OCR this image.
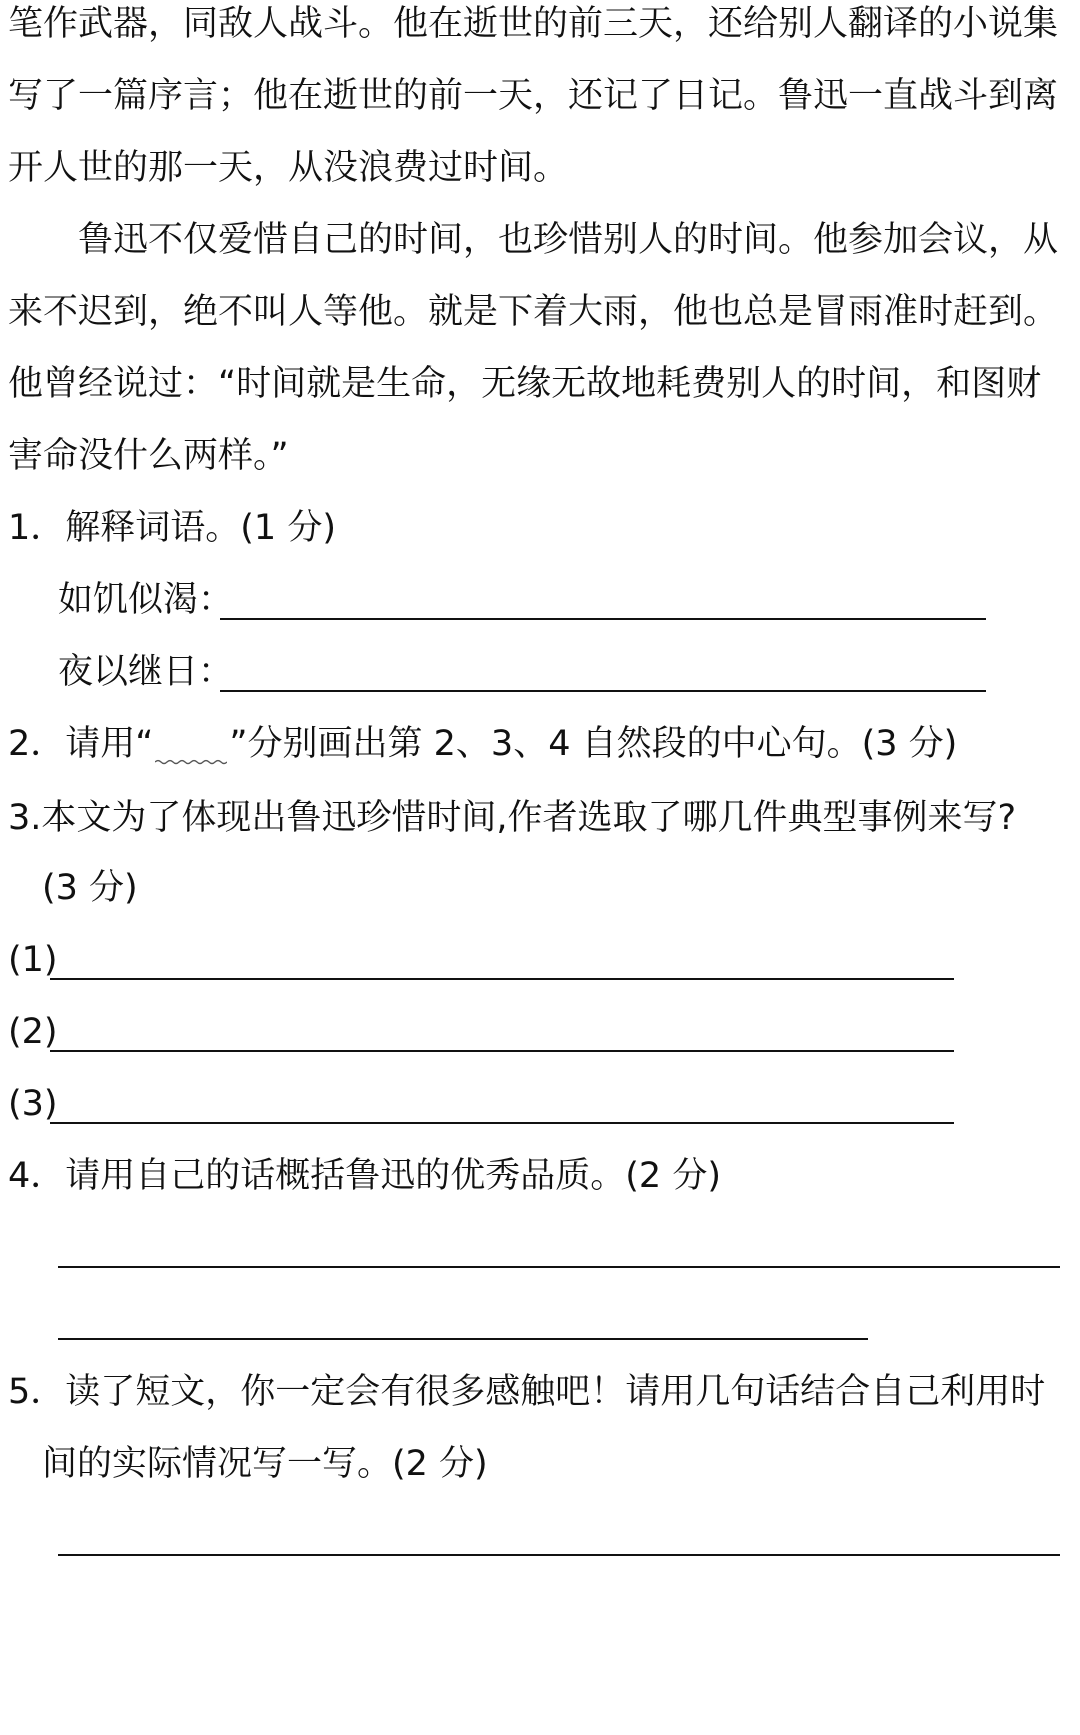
笔作武器，同敌人战斗。他在逝世的前三天，还给别人翻译的小说集
写了一篇序言；他在逝世的前一天，还记了日记。鲁迅一直战斗到离
开人世的那一天，从没浪费过时间。
鲁迅不仅爱惜自己的时间，也珍惜别人的时间。他参加会议，从
来不迟到，绝不叫人等他。就是下着大雨，他也总是冒雨准时赶到。
他曾经说过：“时间就是生命，无缘无故地耗费别人的时间，和图财
害命没什么两样。”
1．解释词语。(1 分)
如饥似渴：
夜以继日：
2．请用“ ”分别画出第 2、3、4 自然段的中心句。(3 分)
3.本文为了体现出鲁迅珍惜时间,作者选取了哪几件典型事例来写?
(3 分)
(1)
(2)
(3)
4．请用自己的话概括鲁迅的优秀品质。(2 分)
5．读了短文，你一定会有很多感触吧！请用几句话结合自己利用时
间的实际情况写一写。(2 分)
